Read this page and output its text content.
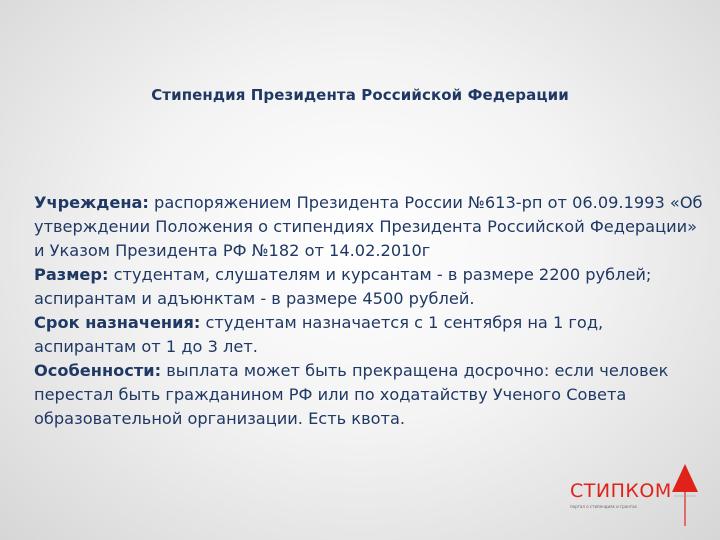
Стипендия Президента Российской Федерации

Учреждена: распоряжением Президента России №613-рп от 06.09.1993 «Об утверждении Положения о стипендиях Президента Российской Федерации» и Указом Президента РФ №182 от 14.02.2010г

Размер: студентам, слушателям и курсантам - в размере 2200 рублей; аспирантам и адъюнктам - в размере 4500 рублей.

Срок назначения: студентам назначается с 1 сентября на 1 год, аспирантам от 1 до 3 лет.

Особенности: выплата может быть прекращена досрочно: если человек перестал быть гражданином РФ или по ходатайству Ученого Совета образовательной организации. Есть квота.

СТИПКОМ
портал о стипендиях и грантах
